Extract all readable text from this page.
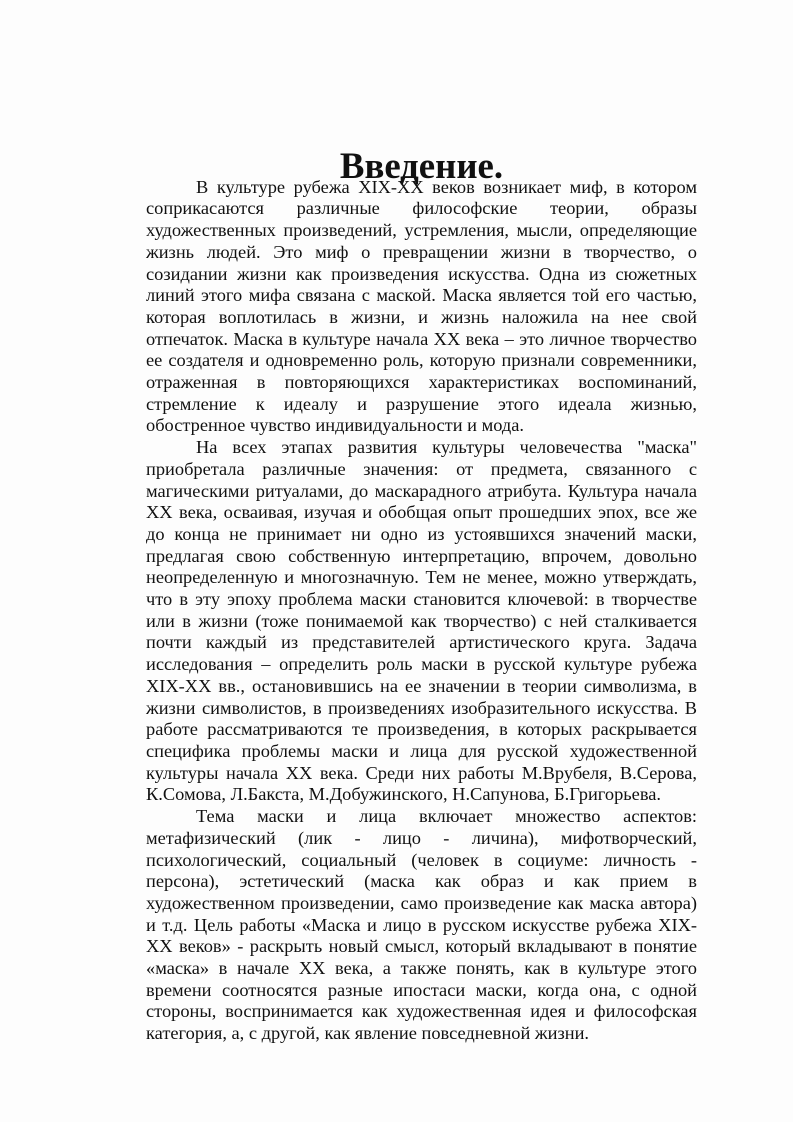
Введение.

В культуре рубежа XIX-XX веков возникает миф, в котором соприкасаются различные философские теории, образы художественных произведений, устремления, мысли, определяющие жизнь людей. Это миф о превращении жизни в творчество, о созидании жизни как произведения искусства. Одна из сюжетных линий этого мифа связана с маской. Маска является той его частью, которая воплотилась в жизни, и жизнь наложила на нее свой отпечаток. Маска в культуре начала XX века – это личное творчество ее создателя и одновременно роль, которую признали современники, отраженная в повторяющихся характеристиках воспоминаний, стремление к идеалу и разрушение этого идеала жизнью, обостренное чувство индивидуальности и мода.

На всех этапах развития культуры человечества "маска" приобретала различные значения: от предмета, связанного с магическими ритуалами, до маскарадного атрибута. Культура начала XX века, осваивая, изучая и обобщая опыт прошедших эпох, все же до конца не принимает ни одно из устоявшихся значений маски, предлагая свою собственную интерпретацию, впрочем, довольно неопределенную и многозначную. Тем не менее, можно утверждать, что в эту эпоху проблема маски становится ключевой: в творчестве или в жизни (тоже понимаемой как творчество) с ней сталкивается почти каждый из представителей артистического круга. Задача исследования – определить роль маски в русской культуре рубежа XIX-XX вв., остановившись на ее значении в теории символизма, в жизни символистов, в произведениях изобразительного искусства. В работе рассматриваются те произведения, в которых раскрывается специфика проблемы маски и лица для русской художественной культуры начала XX века. Среди них работы М.Врубеля, В.Серова, К.Сомова, Л.Бакста, М.Добужинского, Н.Сапунова, Б.Григорьева.

Тема маски и лица включает множество аспектов: метафизический (лик - лицо - личина), мифотворческий, психологический, социальный (человек в социуме: личность - персона), эстетический (маска как образ и как прием в художественном произведении, само произведение как маска автора) и т.д. Цель работы «Маска и лицо в русском искусстве рубежа XIX-XX веков» - раскрыть новый смысл, который вкладывают в понятие «маска» в начале XX века, а также понять, как в культуре этого времени соотносятся разные ипостаси маски, когда она, с одной стороны, воспринимается как художественная идея и философская категория, а, с другой, как явление повседневной жизни.
